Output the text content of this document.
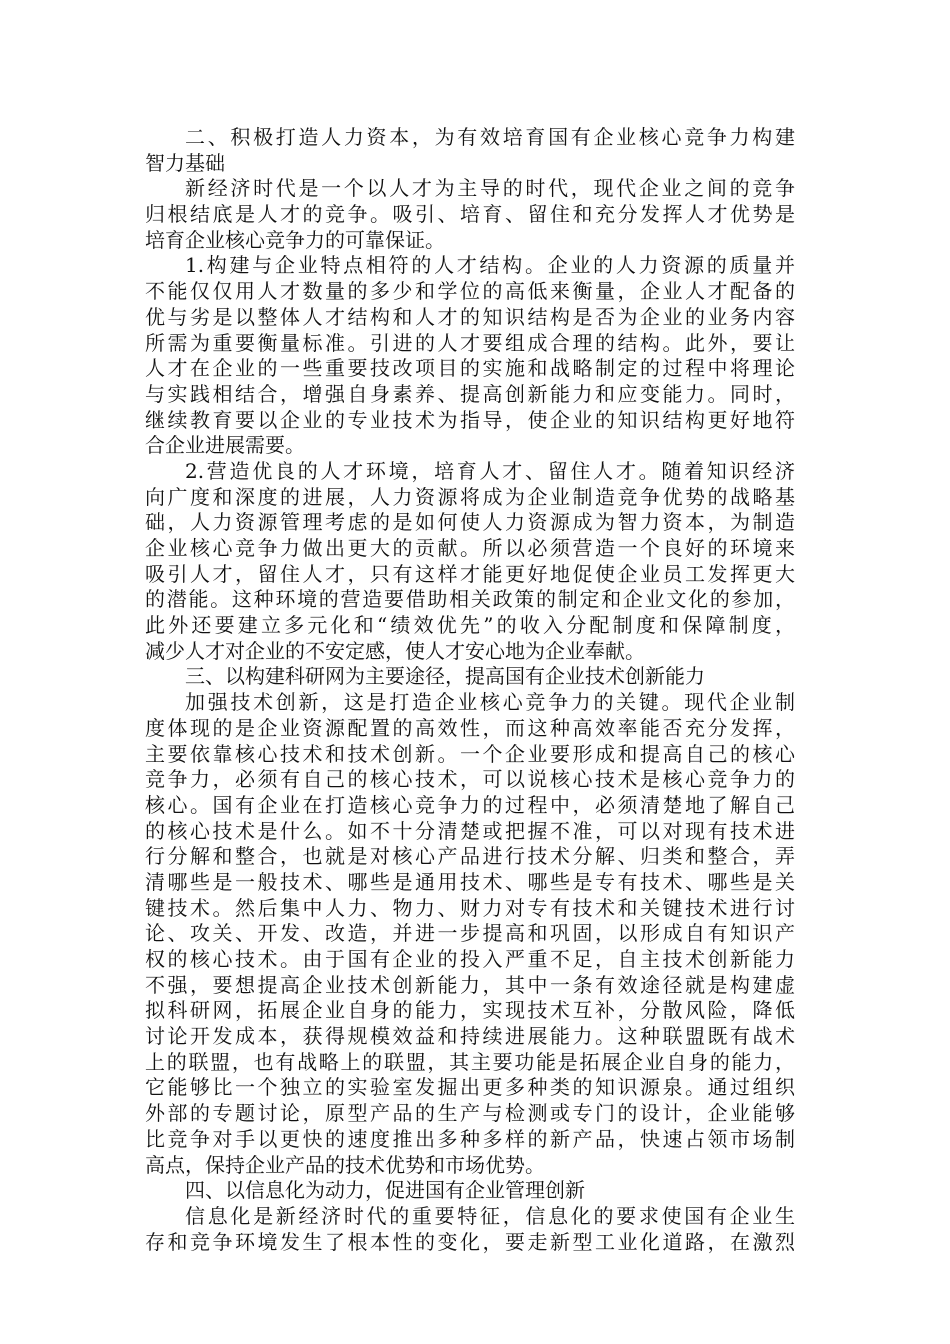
二、积极打造人力资本，为有效培育国有企业核心竞争力构建
智力基础
新经济时代是一个以人才为主导的时代，现代企业之间的竞争
归根结底是人才的竞争。吸引、培育、留住和充分发挥人才优势是
培育企业核心竞争力的可靠保证。
1.构建与企业特点相符的人才结构。企业的人力资源的质量并
不能仅仅用人才数量的多少和学位的高低来衡量，企业人才配备的
优与劣是以整体人才结构和人才的知识结构是否为企业的业务内容
所需为重要衡量标准。引进的人才要组成合理的结构。此外，要让
人才在企业的一些重要技改项目的实施和战略制定的过程中将理论
与实践相结合，增强自身素养、提高创新能力和应变能力。同时，
继续教育要以企业的专业技术为指导，使企业的知识结构更好地符
合企业进展需要。
2.营造优良的人才环境，培育人才、留住人才。随着知识经济
向广度和深度的进展，人力资源将成为企业制造竞争优势的战略基
础，人力资源管理考虑的是如何使人力资源成为智力资本，为制造
企业核心竞争力做出更大的贡献。所以必须营造一个良好的环境来
吸引人才，留住人才，只有这样才能更好地促使企业员工发挥更大
的潜能。这种环境的营造要借助相关政策的制定和企业文化的参加，
此外还要建立多元化和“绩效优先”的收入分配制度和保障制度，
减少人才对企业的不安定感，使人才安心地为企业奉献。
三、以构建科研网为主要途径，提高国有企业技术创新能力
加强技术创新，这是打造企业核心竞争力的关键。现代企业制
度体现的是企业资源配置的高效性，而这种高效率能否充分发挥，
主要依靠核心技术和技术创新。一个企业要形成和提高自己的核心
竞争力，必须有自己的核心技术，可以说核心技术是核心竞争力的
核心。国有企业在打造核心竞争力的过程中，必须清楚地了解自己
的核心技术是什么。如不十分清楚或把握不准，可以对现有技术进
行分解和整合，也就是对核心产品进行技术分解、归类和整合，弄
清哪些是一般技术、哪些是通用技术、哪些是专有技术、哪些是关
键技术。然后集中人力、物力、财力对专有技术和关键技术进行讨
论、攻关、开发、改造，并进一步提高和巩固，以形成自有知识产
权的核心技术。由于国有企业的投入严重不足，自主技术创新能力
不强，要想提高企业技术创新能力，其中一条有效途径就是构建虚
拟科研网，拓展企业自身的能力，实现技术互补，分散风险，降低
讨论开发成本，获得规模效益和持续进展能力。这种联盟既有战术
上的联盟，也有战略上的联盟，其主要功能是拓展企业自身的能力，
它能够比一个独立的实验室发掘出更多种类的知识源泉。通过组织
外部的专题讨论，原型产品的生产与检测或专门的设计，企业能够
比竞争对手以更快的速度推出多种多样的新产品，快速占领市场制
高点，保持企业产品的技术优势和市场优势。
四、以信息化为动力，促进国有企业管理创新
信息化是新经济时代的重要特征，信息化的要求使国有企业生
存和竞争环境发生了根本性的变化，要走新型工业化道路，在激烈
